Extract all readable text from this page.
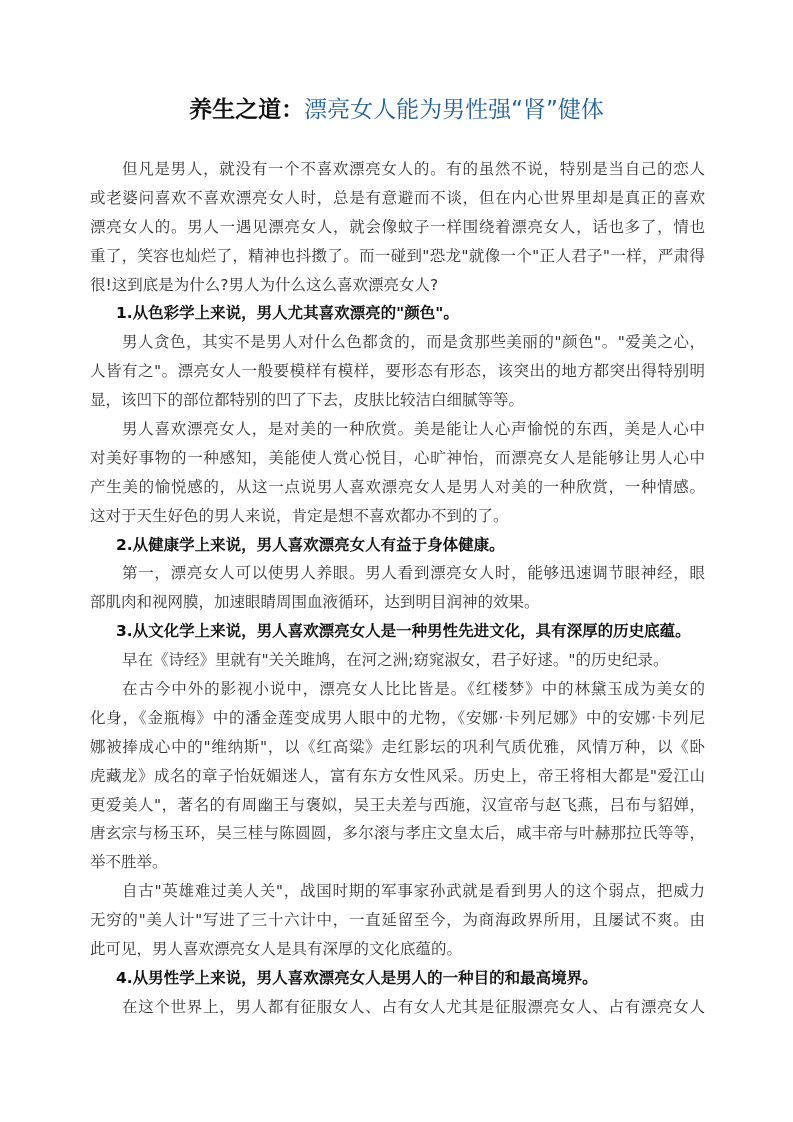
养生之道：漂亮女人能为男性强“肾”健体
但凡是男人，就没有一个不喜欢漂亮女人的。有的虽然不说，特别是当自己的恋人
或老婆问喜欢不喜欢漂亮女人时，总是有意避而不谈，但在内心世界里却是真正的喜欢
漂亮女人的。男人一遇见漂亮女人，就会像蚊子一样围绕着漂亮女人，话也多了，情也
重了，笑容也灿烂了，精神也抖擞了。而一碰到"恐龙"就像一个"正人君子"一样，严肃得
很!这到底是为什么?男人为什么这么喜欢漂亮女人?
1.从色彩学上来说，男人尤其喜欢漂亮的"颜色"。
男人贪色，其实不是男人对什么色都贪的，而是贪那些美丽的"颜色"。"爱美之心，
人皆有之"。漂亮女人一般要模样有模样，要形态有形态，该突出的地方都突出得特别明
显，该凹下的部位都特别的凹了下去，皮肤比较洁白细腻等等。
男人喜欢漂亮女人，是对美的一种欣赏。美是能让人心声愉悦的东西，美是人心中
对美好事物的一种感知，美能使人赏心悦目，心旷神怡，而漂亮女人是能够让男人心中
产生美的愉悦感的，从这一点说男人喜欢漂亮女人是男人对美的一种欣赏，一种情感。
这对于天生好色的男人来说，肯定是想不喜欢都办不到的了。
2.从健康学上来说，男人喜欢漂亮女人有益于身体健康。
第一，漂亮女人可以使男人养眼。男人看到漂亮女人时，能够迅速调节眼神经，眼
部肌肉和视网膜，加速眼睛周围血液循环，达到明目润神的效果。
3.从文化学上来说，男人喜欢漂亮女人是一种男性先进文化，具有深厚的历史底蕴。
早在《诗经》里就有"关关雎鸠，在河之洲;窈窕淑女，君子好逑。"的历史纪录。
在古今中外的影视小说中，漂亮女人比比皆是。《红楼梦》中的林黛玉成为美女的
化身，《金瓶梅》中的潘金莲变成男人眼中的尤物，《安娜·卡列尼娜》中的安娜·卡列尼
娜被捧成心中的"维纳斯"，以《红高粱》走红影坛的巩利气质优雅，风情万种，以《卧
虎藏龙》成名的章子怡妩媚迷人，富有东方女性风采。历史上，帝王将相大都是"爱江山
更爱美人"，著名的有周幽王与褒姒，吴王夫差与西施，汉宣帝与赵飞燕，吕布与貂婵，
唐玄宗与杨玉环，吴三桂与陈圆圆，多尔滚与孝庄文皇太后，咸丰帝与叶赫那拉氏等等，
举不胜举。
自古"英雄难过美人关"，战国时期的军事家孙武就是看到男人的这个弱点，把威力
无穷的"美人计"写进了三十六计中，一直延留至今，为商海政界所用，且屡试不爽。由
此可见，男人喜欢漂亮女人是具有深厚的文化底蕴的。
4.从男性学上来说，男人喜欢漂亮女人是男人的一种目的和最高境界。
在这个世界上，男人都有征服女人、占有女人尤其是征服漂亮女人、占有漂亮女人
